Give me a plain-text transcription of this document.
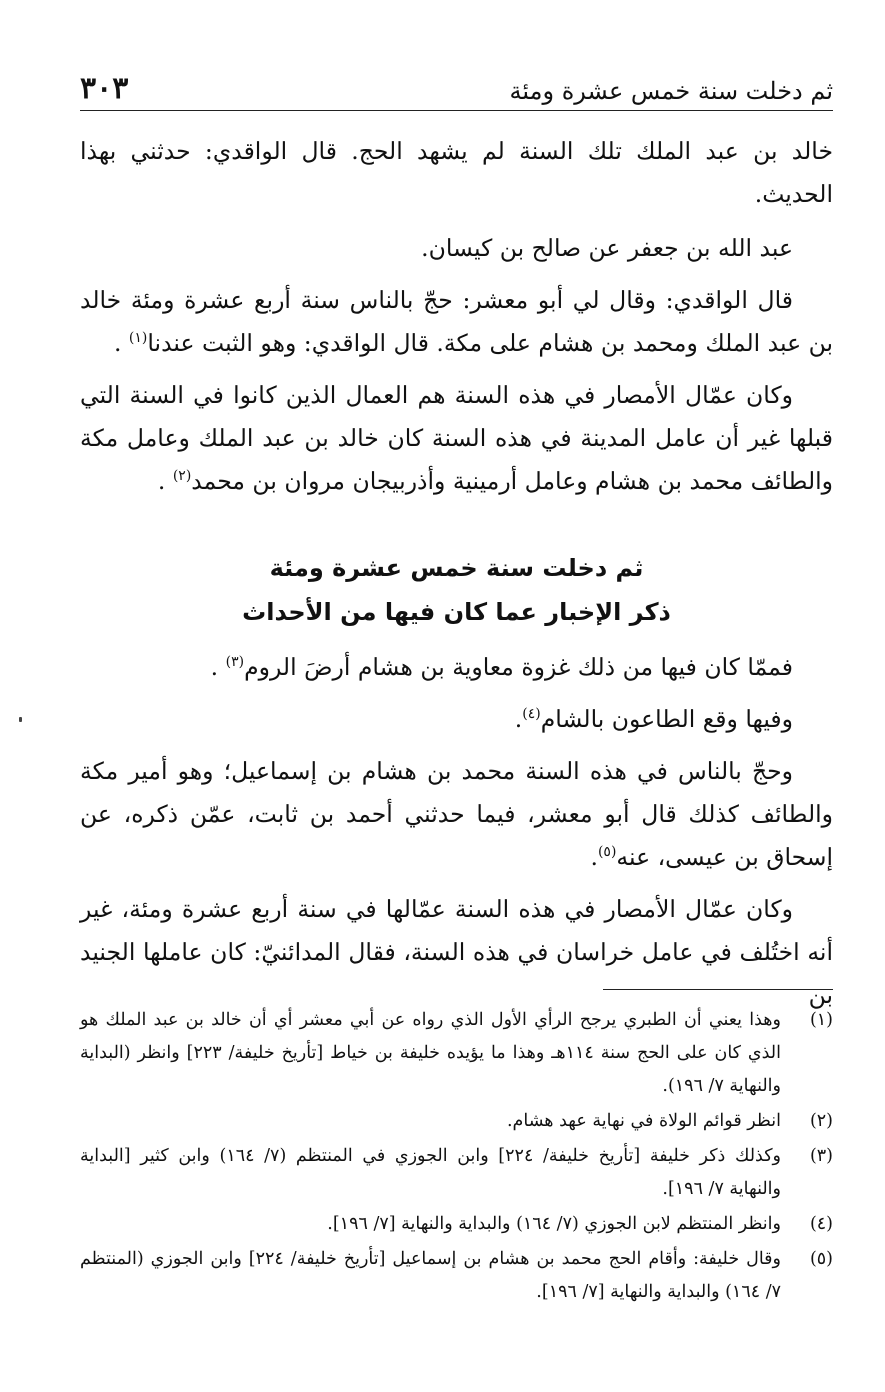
ثم دخلت سنة خمس عشرة ومئة
٣٠٣

خالد بن عبد الملك تلك السنة لم يشهد الحج. قال الواقدي: حدثني بهذا الحديث.

عبد الله بن جعفر عن صالح بن كيسان.

قال الواقدي: وقال لي أبو معشر: حجّ بالناس سنة أربع عشرة ومئة خالد بن عبد الملك ومحمد بن هشام على مكة. قال الواقدي: وهو الثبت عندنا$^{(١)}$ .

وكان عمّال الأمصار في هذه السنة هم العمال الذين كانوا في السنة التي قبلها غير أن عامل المدينة في هذه السنة كان خالد بن عبد الملك وعامل مكة والطائف محمد بن هشام وعامل أرمينية وأذربيجان مروان بن محمد$^{(٢)}$ .

ثم دخلت سنة خمس عشرة ومئة
ذكر الإخبار عما كان فيها من الأحداث

فممّا كان فيها من ذلك غزوة معاوية بن هشام أرضَ الروم$^{(٣)}$ .

وفيها وقع الطاعون بالشام$^{(٤)}$.

وحجّ بالناس في هذه السنة محمد بن هشام بن إسماعيل؛ وهو أمير مكة والطائف كذلك قال أبو معشر، فيما حدثني أحمد بن ثابت، عمّن ذكره، عن إسحاق بن عيسى، عنه$^{(٥)}$.

وكان عمّال الأمصار في هذه السنة عمّالها في سنة أربع عشرة ومئة، غير أنه اختُلف في عامل خراسان في هذه السنة، فقال المدائنيّ: كان عاملها الجنيد بن

(١)
وهذا يعني أن الطبري يرجح الرأي الأول الذي رواه عن أبي معشر أي أن خالد بن عبد الملك هو الذي كان على الحج سنة ١١٤هـ وهذا ما يؤيده خليفة بن خياط [تأريخ خليفة/ ٢٢٣] وانظر (البداية والنهاية ٧/ ١٩٦).
(٢)
انظر قوائم الولاة في نهاية عهد هشام.
(٣)
وكذلك ذكر خليفة [تأريخ خليفة/ ٢٢٤] وابن الجوزي في المنتظم (٧/ ١٦٤) وابن كثير [البداية والنهاية ٧/ ١٩٦].
(٤)
وانظر المنتظم لابن الجوزي (٧/ ١٦٤) والبداية والنهاية [٧/ ١٩٦].
(٥)
وقال خليفة: وأقام الحج محمد بن هشام بن إسماعيل [تأريخ خليفة/ ٢٢٤] وابن الجوزي (المنتظم ٧/ ١٦٤) والبداية والنهاية [٧/ ١٩٦].
